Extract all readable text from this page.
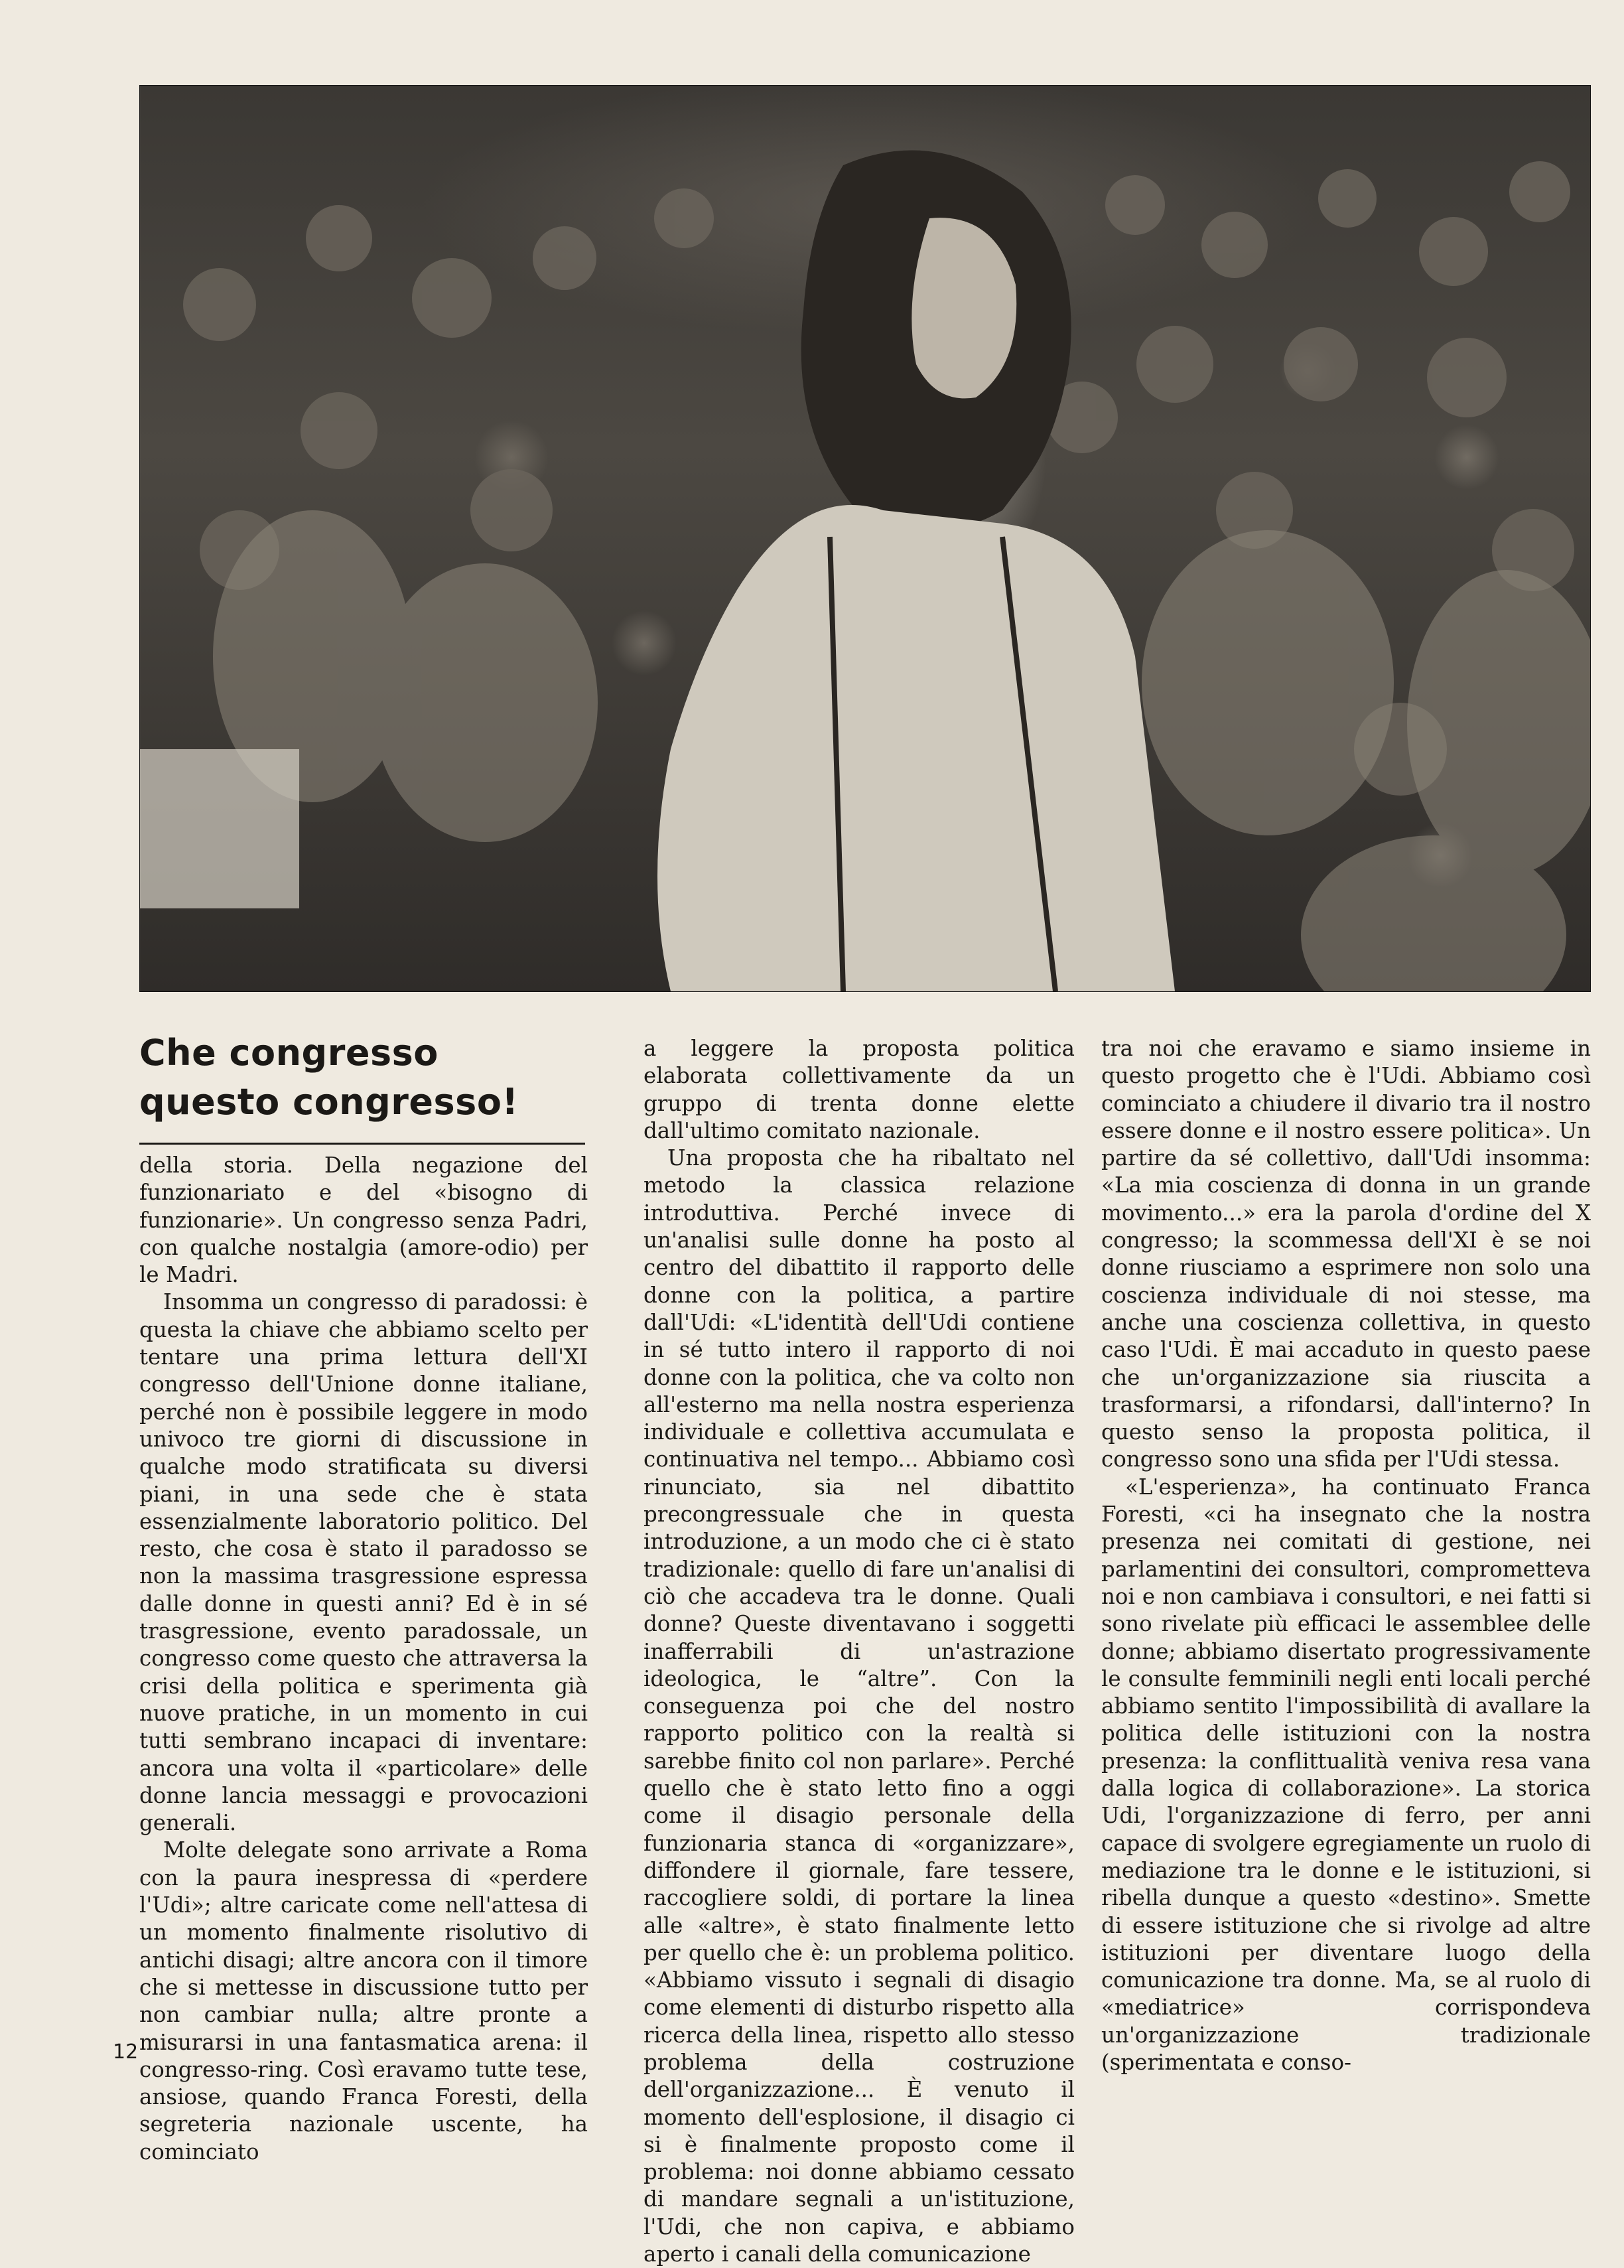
Che congresso
questo congresso!

della storia. Della negazione del funzionariato e del «bisogno di funzionarie». Un congresso senza Padri, con qualche nostalgia (amore-odio) per le Madri.

Insomma un congresso di paradossi: è questa la chiave che abbiamo scelto per tentare una prima lettura dell'XI congresso dell'Unione donne italiane, perché non è possibile leggere in modo univoco tre giorni di discussione in qualche modo stratificata su diversi piani, in una sede che è stata essenzialmente laboratorio politico. Del resto, che cosa è stato il paradosso se non la massima trasgressione espressa dalle donne in questi anni? Ed è in sé trasgressione, evento paradossale, un congresso come questo che attraversa la crisi della politica e sperimenta già nuove pratiche, in un momento in cui tutti sembrano incapaci di inventare: ancora una volta il «particolare» delle donne lancia messaggi e provocazioni generali.

Molte delegate sono arrivate a Roma con la paura inespressa di «perdere l'Udi»; altre caricate come nell'attesa di un momento finalmente risolutivo di antichi disagi; altre ancora con il timore che si mettesse in discussione tutto per non cambiar nulla; altre pronte a misurarsi in una fantasmatica arena: il congresso-ring. Così eravamo tutte tese, ansiose, quando Franca Foresti, della segreteria nazionale uscente, ha cominciato

a leggere la proposta politica elaborata collettivamente da un gruppo di trenta donne elette dall'ultimo comitato nazionale.

Una proposta che ha ribaltato nel metodo la classica relazione introduttiva. Perché invece di un'analisi sulle donne ha posto al centro del dibattito il rapporto delle donne con la politica, a partire dall'Udi: «L'identità dell'Udi contiene in sé tutto intero il rapporto di noi donne con la politica, che va colto non all'esterno ma nella nostra esperienza individuale e collettiva accumulata e continuativa nel tempo... Abbiamo così rinunciato, sia nel dibattito precongressuale che in questa introduzione, a un modo che ci è stato tradizionale: quello di fare un'analisi di ciò che accadeva tra le donne. Quali donne? Queste diventavano i soggetti inafferrabili di un'astrazione ideologica, le “altre”. Con la conseguenza poi che del nostro rapporto politico con la realtà si sarebbe finito col non parlare». Perché quello che è stato letto fino a oggi come il disagio personale della funzionaria stanca di «organizzare», diffondere il giornale, fare tessere, raccogliere soldi, di portare la linea alle «altre», è stato finalmente letto per quello che è: un problema politico. «Abbiamo vissuto i segnali di disagio come elementi di disturbo rispetto alla ricerca della linea, rispetto allo stesso problema della costruzione dell'organizzazione... È venuto il momento dell'esplosione, il disagio ci si è finalmente proposto come il problema: noi donne abbiamo cessato di mandare segnali a un'istituzione, l'Udi, che non capiva, e abbiamo aperto i canali della comunicazione

tra noi che eravamo e siamo insieme in questo progetto che è l'Udi. Abbiamo così cominciato a chiudere il divario tra il nostro essere donne e il nostro essere politica». Un partire da sé collettivo, dall'Udi insomma: «La mia coscienza di donna in un grande movimento...» era la parola d'ordine del X congresso; la scommessa dell'XI è se noi donne riusciamo a esprimere non solo una coscienza individuale di noi stesse, ma anche una coscienza collettiva, in questo caso l'Udi. È mai accaduto in questo paese che un'organizzazione sia riuscita a trasformarsi, a rifondarsi, dall'interno? In questo senso la proposta politica, il congresso sono una sfida per l'Udi stessa.

«L'esperienza», ha continuato Franca Foresti, «ci ha insegnato che la nostra presenza nei comitati di gestione, nei parlamentini dei consultori, comprometteva noi e non cambiava i consultori, e nei fatti si sono rivelate più efficaci le assemblee delle donne; abbiamo disertato progressivamente le consulte femminili negli enti locali perché abbiamo sentito l'impossibilità di avallare la politica delle istituzioni con la nostra presenza: la conflittualità veniva resa vana dalla logica di collaborazione». La storica Udi, l'organizzazione di ferro, per anni capace di svolgere egregiamente un ruolo di mediazione tra le donne e le istituzioni, si ribella dunque a questo «destino». Smette di essere istituzione che si rivolge ad altre istituzioni per diventare luogo della comunicazione tra donne. Ma, se al ruolo di «mediatrice» corrispondeva un'organizzazione tradizionale (sperimentata e conso-

12
